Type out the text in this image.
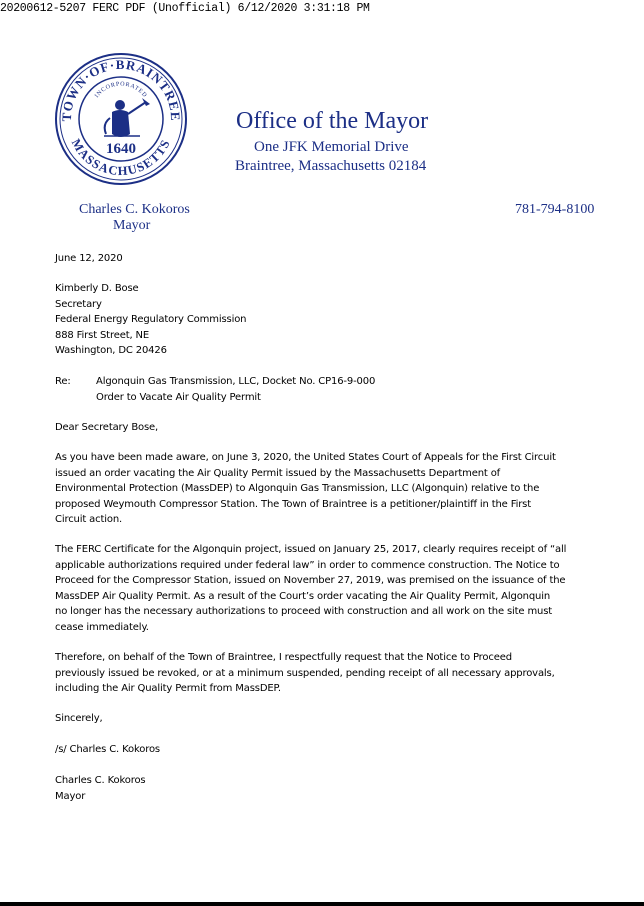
20200612-5207 FERC PDF (Unofficial) 6/12/2020 3:31:18 PM
TOWN·OF·BRAINTREE
MASSACHUSETTS
INCORPORATED
1640
Office of the Mayor
One JFK Memorial Drive
Braintree, Massachusetts 02184
Charles C. Kokoros
Mayor
781-794-8100
June 12, 2020
Kimberly D. Bose
Secretary
Federal Energy Regulatory Commission
888 First Street, NE
Washington, DC 20426
Re:	Algonquin Gas Transmission, LLC, Docket No. CP16-9-000
Order to Vacate Air Quality Permit
Dear Secretary Bose,
As you have been made aware, on June 3, 2020, the United States Court of Appeals for the First Circuit
issued an order vacating the Air Quality Permit issued by the Massachusetts Department of
Environmental Protection (MassDEP) to Algonquin Gas Transmission, LLC (Algonquin) relative to the
proposed Weymouth Compressor Station. The Town of Braintree is a petitioner/plaintiff in the First
Circuit action.
The FERC Certificate for the Algonquin project, issued on January 25, 2017, clearly requires receipt of “all
applicable authorizations required under federal law” in order to commence construction. The Notice to
Proceed for the Compressor Station, issued on November 27, 2019, was premised on the issuance of the
MassDEP Air Quality Permit. As a result of the Court’s order vacating the Air Quality Permit, Algonquin
no longer has the necessary authorizations to proceed with construction and all work on the site must
cease immediately.
Therefore, on behalf of the Town of Braintree, I respectfully request that the Notice to Proceed
previously issued be revoked, or at a minimum suspended, pending receipt of all necessary approvals,
including the Air Quality Permit from MassDEP.
Sincerely,
/s/ Charles C. Kokoros
Charles C. Kokoros
Mayor
